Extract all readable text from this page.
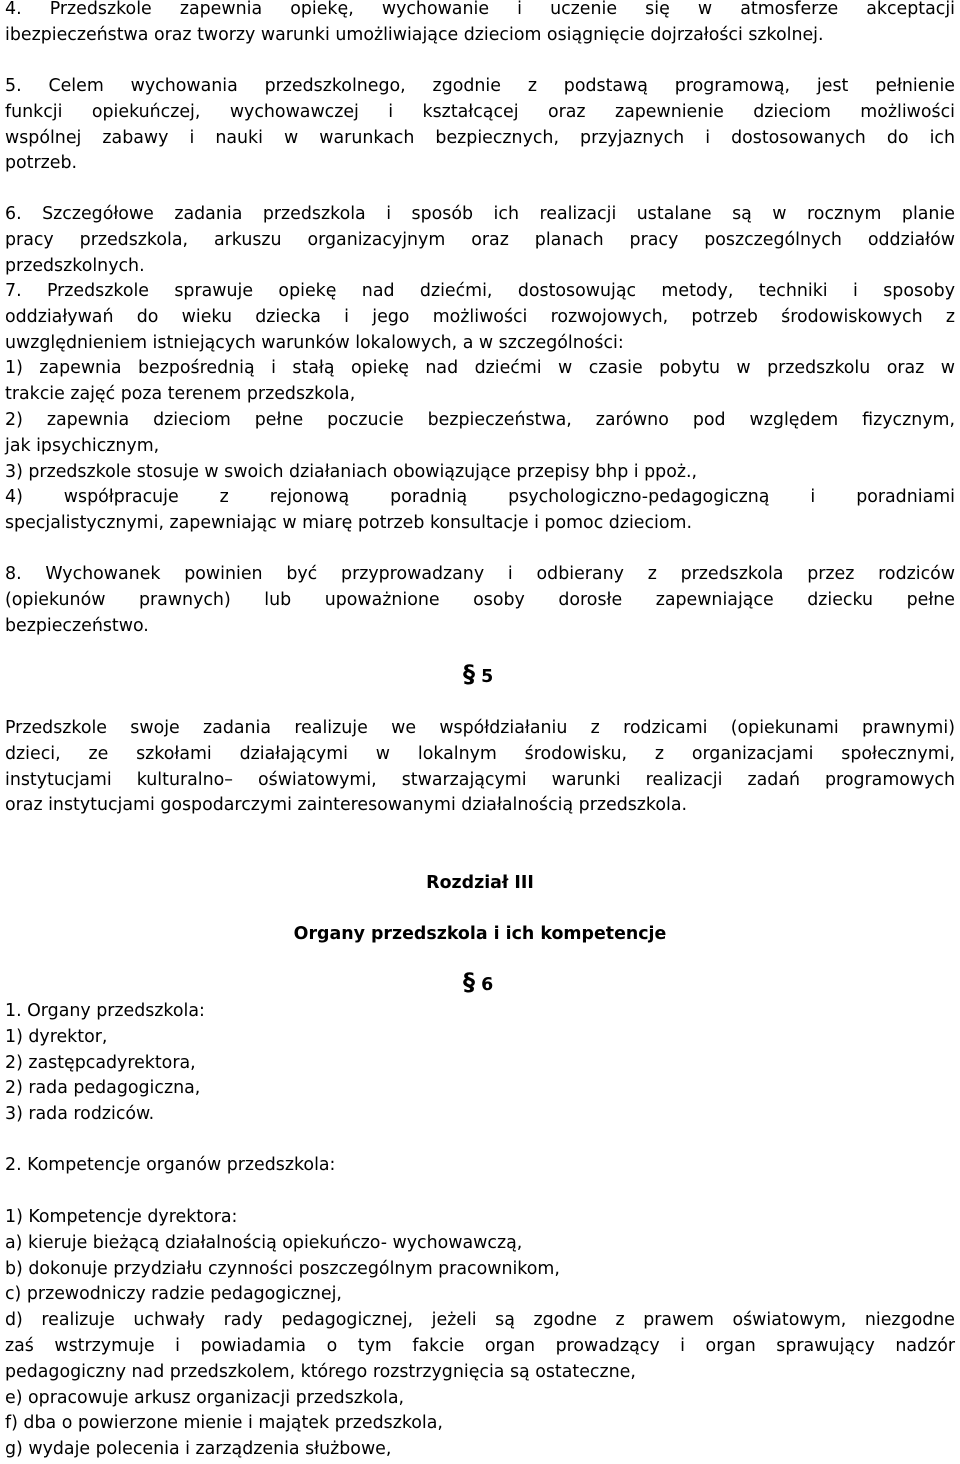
4. Przedszkole zapewnia opiekę, wychowanie i uczenie się w atmosferze akceptacji
ibezpieczeństwa oraz tworzy warunki umożliwiające dzieciom osiągnięcie dojrzałości szkolnej.
5. Celem wychowania przedszkolnego, zgodnie z podstawą programową, jest pełnienie
funkcji opiekuńczej, wychowawczej i kształcącej oraz zapewnienie dzieciom możliwości
wspólnej zabawy i nauki w warunkach bezpiecznych, przyjaznych i dostosowanych do ich
potrzeb.
6. Szczegółowe zadania przedszkola i sposób ich realizacji ustalane są w rocznym planie
pracy przedszkola, arkuszu organizacyjnym oraz planach pracy poszczególnych oddziałów
przedszkolnych.
7. Przedszkole sprawuje opiekę nad dziećmi, dostosowując metody, techniki i sposoby
oddziaływań do wieku dziecka i jego możliwości rozwojowych, potrzeb środowiskowych z
uwzględnieniem istniejących warunków lokalowych, a w szczególności:
1) zapewnia bezpośrednią i stałą opiekę nad dziećmi w czasie pobytu w przedszkolu oraz w
trakcie zajęć poza terenem przedszkola,
2) zapewnia dzieciom pełne poczucie bezpieczeństwa, zarówno pod względem fizycznym,
jak ipsychicznym,
3) przedszkole stosuje w swoich działaniach obowiązujące przepisy bhp i ppoż.,
4) współpracuje z rejonową poradnią psychologiczno-pedagogiczną i poradniami
specjalistycznymi, zapewniając w miarę potrzeb konsultacje i pomoc dzieciom.
8. Wychowanek powinien być przyprowadzany i odbierany z przedszkola przez rodziców
(opiekunów prawnych) lub upoważnione osoby dorosłe zapewniające dziecku pełne
bezpieczeństwo.
§ 5
Przedszkole swoje zadania realizuje we współdziałaniu z rodzicami (opiekunami prawnymi)
dzieci, ze szkołami działającymi w lokalnym środowisku, z organizacjami społecznymi,
instytucjami kulturalno– oświatowymi, stwarzającymi warunki realizacji zadań programowych
oraz instytucjami gospodarczymi zainteresowanymi działalnością przedszkola.
Rozdział III
Organy przedszkola i ich kompetencje
§ 6
1. Organy przedszkola:
1) dyrektor,
2) zastępcadyrektora,
2) rada pedagogiczna,
3) rada rodziców.
2. Kompetencje organów przedszkola:
1) Kompetencje dyrektora:
a) kieruje bieżącą działalnością opiekuńczo- wychowawczą,
b) dokonuje przydziału czynności poszczególnym pracownikom,
c) przewodniczy radzie pedagogicznej,
d) realizuje uchwały rady pedagogicznej, jeżeli są zgodne z prawem oświatowym, niezgodne
zaś wstrzymuje i powiadamia o tym fakcie organ prowadzący i organ sprawujący nadzór
pedagogiczny nad przedszkolem, którego rozstrzygnięcia są ostateczne,
e) opracowuje arkusz organizacji przedszkola,
f) dba o powierzone mienie i majątek przedszkola,
g) wydaje polecenia i zarządzenia służbowe,
